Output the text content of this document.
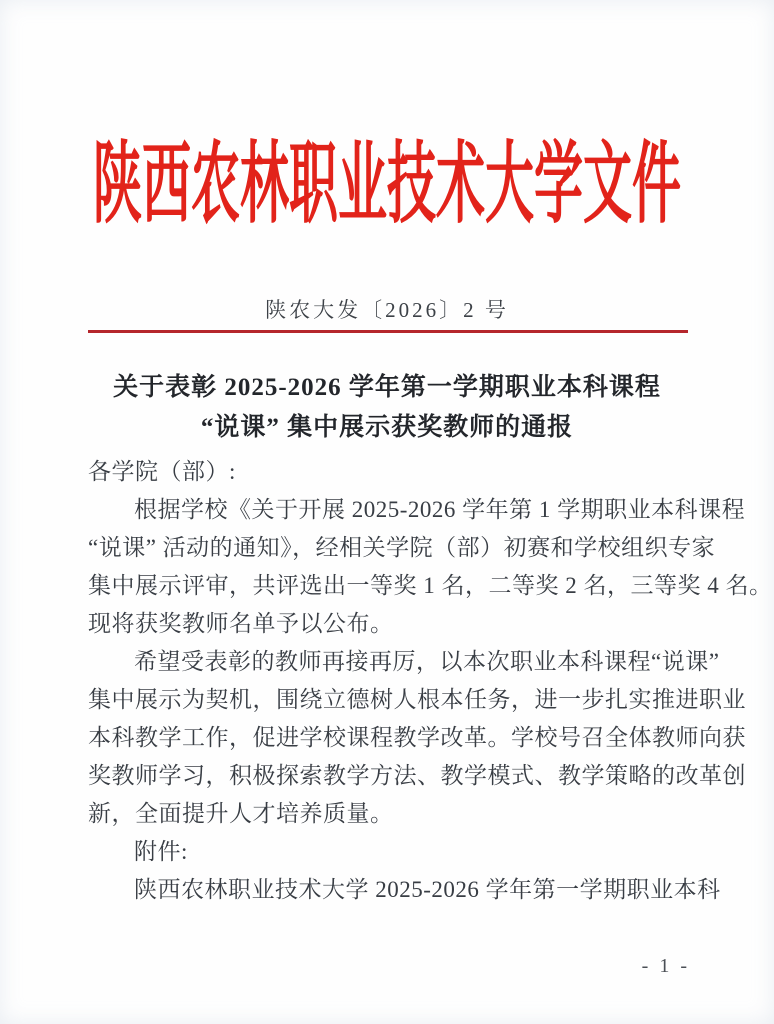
陕西农林职业技术大学文件
陕农大发〔2026〕2 号
关于表彰 2025-2026 学年第一学期职业本科课程
“说课” 集中展示获奖教师的通报
各学院（部）:
根据学校《关于开展 2025-2026 学年第 1 学期职业本科课程
“说课” 活动的通知》，经相关学院（部）初赛和学校组织专家
集中展示评审，共评选出一等奖 1 名，二等奖 2 名，三等奖 4 名。
现将获奖教师名单予以公布。
希望受表彰的教师再接再厉，以本次职业本科课程“说课”
集中展示为契机，围绕立德树人根本任务，进一步扎实推进职业
本科教学工作，促进学校课程教学改革。学校号召全体教师向获
奖教师学习，积极探索教学方法、教学模式、教学策略的改革创
新，全面提升人才培养质量。
附件:
陕西农林职业技术大学 2025-2026 学年第一学期职业本科
- 1 -
